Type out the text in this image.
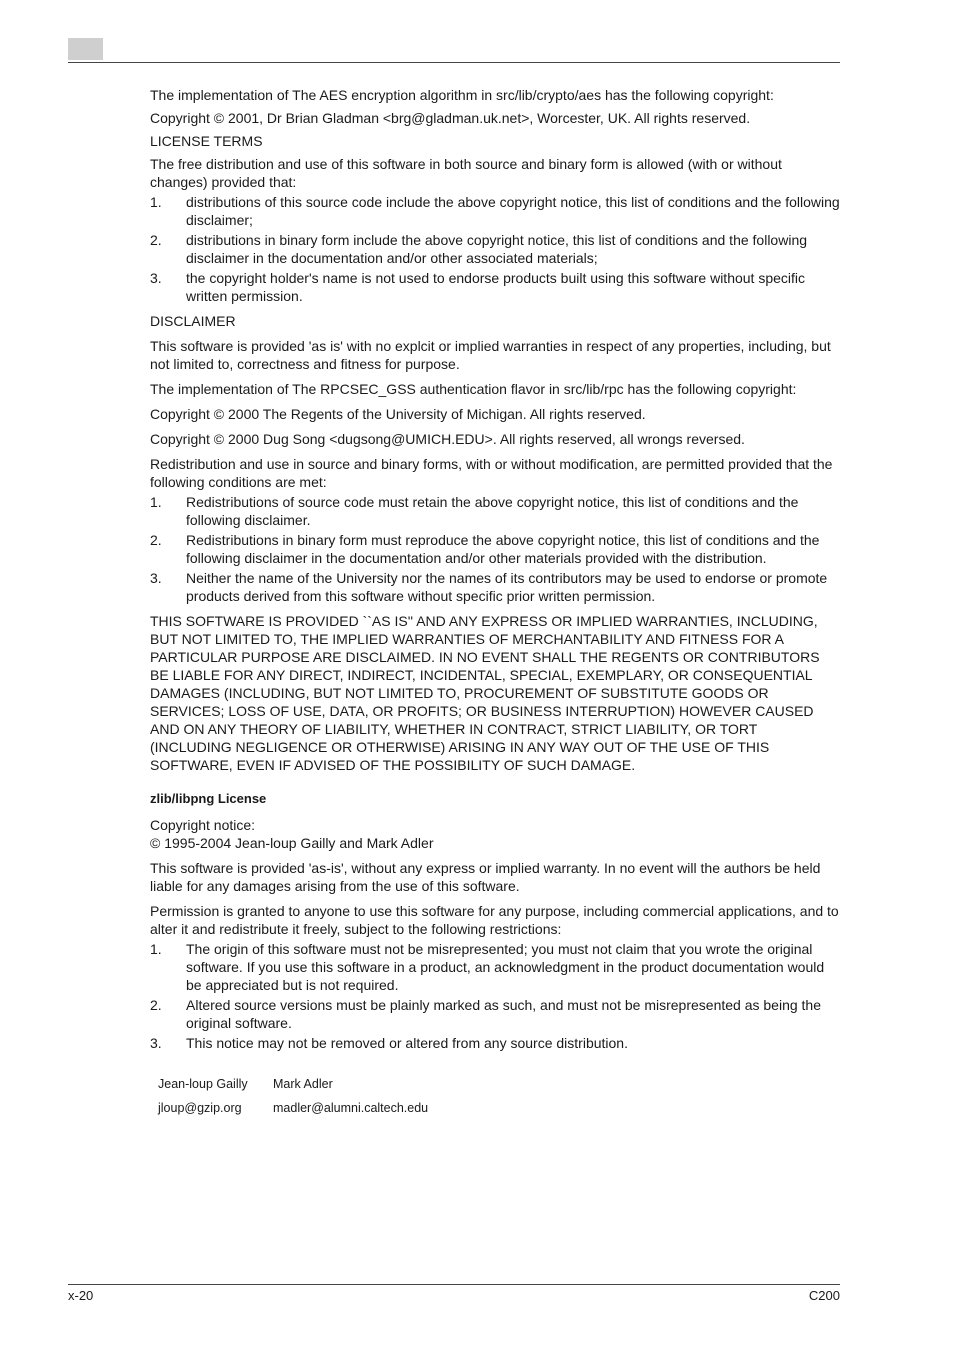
The implementation of The AES encryption algorithm in src/lib/crypto/aes has the following copyright:

Copyright © 2001, Dr Brian Gladman <brg@gladman.uk.net>, Worcester, UK. All rights reserved.

LICENSE TERMS

The free distribution and use of this software in both source and binary form is allowed (with or without changes) provided that:

1.	distributions of this source code include the above copyright notice, this list of conditions and the following disclaimer;
2.	distributions in binary form include the above copyright notice, this list of conditions and the following disclaimer in the documentation and/or other associated materials;
3.	the copyright holder's name is not used to endorse products built using this software without specific written permission.

DISCLAIMER

This software is provided 'as is' with no explcit or implied warranties in respect of any properties, including, but not limited to, correctness and fitness for purpose.

The implementation of The RPCSEC_GSS authentication flavor in src/lib/rpc has the following copyright:

Copyright © 2000 The Regents of the University of Michigan. All rights reserved.

Copyright © 2000 Dug Song <dugsong@UMICH.EDU>. All rights reserved, all wrongs reversed.

Redistribution and use in source and binary forms, with or without modification, are permitted provided that the following conditions are met:

1.	Redistributions of source code must retain the above copyright notice, this list of conditions and the following disclaimer.
2.	Redistributions in binary form must reproduce the above copyright notice, this list of conditions and the following disclaimer in the documentation and/or other materials provided with the distribution.
3.	Neither the name of the University nor the names of its contributors may be used to endorse or promote products derived from this software without specific prior written permission.

THIS SOFTWARE IS PROVIDED ``AS IS'' AND ANY EXPRESS OR IMPLIED WARRANTIES, INCLUDING, BUT NOT LIMITED TO, THE IMPLIED WARRANTIES OF MERCHANTABILITY AND FITNESS FOR A PARTICULAR PURPOSE ARE DISCLAIMED. IN NO EVENT SHALL THE REGENTS OR CONTRIBUTORS BE LIABLE FOR ANY DIRECT, INDIRECT, INCIDENTAL, SPECIAL, EXEMPLARY, OR CONSEQUENTIAL DAMAGES (INCLUDING, BUT NOT LIMITED TO, PROCUREMENT OF SUBSTITUTE GOODS OR SERVICES; LOSS OF USE, DATA, OR PROFITS; OR BUSINESS INTERRUPTION) HOWEVER CAUSED AND ON ANY THEORY OF LIABILITY, WHETHER IN CONTRACT, STRICT LIABILITY, OR TORT (INCLUDING NEGLIGENCE OR OTHERWISE) ARISING IN ANY WAY OUT OF THE USE OF THIS SOFTWARE, EVEN IF ADVISED OF THE POSSIBILITY OF SUCH DAMAGE.

zlib/libpng License

Copyright notice:
© 1995-2004 Jean-loup Gailly and Mark Adler

This software is provided 'as-is', without any express or implied warranty. In no event will the authors be held liable for any damages arising from the use of this software.

Permission is granted to anyone to use this software for any purpose, including commercial applications, and to alter it and redistribute it freely, subject to the following restrictions:

1.	The origin of this software must not be misrepresented; you must not claim that you wrote the original software. If you use this software in a product, an acknowledgment in the product documentation would be appreciated but is not required.
2.	Altered source versions must be plainly marked as such, and must not be misrepresented as being the original software.
3.	This notice may not be removed or altered from any source distribution.
Jean-loup Gailly	Mark Adler
jloup@gzip.org	madler@alumni.caltech.edu
x-20	C200
